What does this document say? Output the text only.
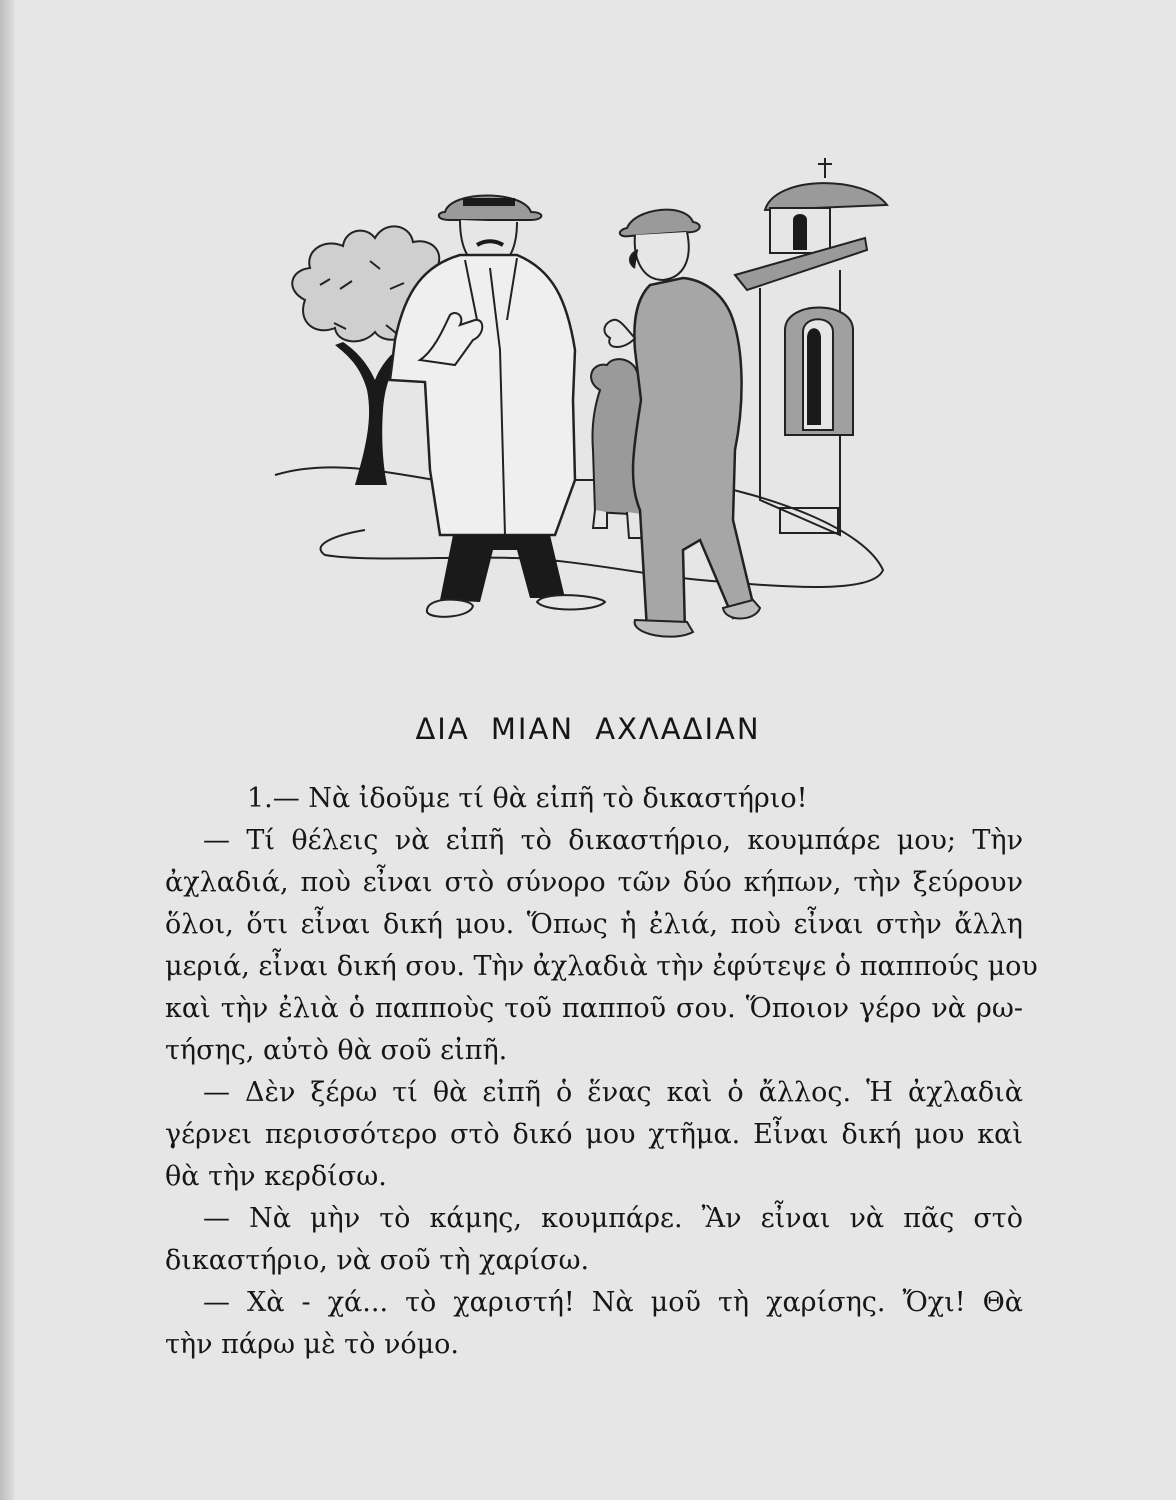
ΔΙΑ ΜΙΑΝ ΑΧΛΑΔΙΑΝ
1.— Νὰ ἰδοῦμε τί θὰ εἰπῆ τὸ δικαστήριο!
— Τί θέλεις νὰ εἰπῆ τὸ δικαστήριο, κουμπάρε μου; Τὴν
ἀχλαδιά, ποὺ εἶναι στὸ σύνορο τῶν δύο κήπων, τὴν ξεύρουν
ὅλοι, ὅτι εἶναι δική μου. Ὅπως ἡ ἐλιά, ποὺ εἶναι στὴν ἄλλη
μεριά, εἶναι δική σου. Τὴν ἀχλαδιὰ τὴν ἐφύτεψε ὁ παππούς μου
καὶ τὴν ἐλιὰ ὁ παπποὺς τοῦ παπποῦ σου. Ὅποιον γέρο νὰ ρω-
τήσης, αὐτὸ θὰ σοῦ εἰπῆ.
— Δὲν ξέρω τί θὰ εἰπῆ ὁ ἕνας καὶ ὁ ἄλλος. Ἡ ἀχλαδιὰ
γέρνει περισσότερο στὸ δικό μου χτῆμα. Εἶναι δική μου καὶ
θὰ τὴν κερδίσω.
— Νὰ μὴν τὸ κάμης, κουμπάρε. Ἂν εἶναι νὰ πᾶς στὸ
δικαστήριο, νὰ σοῦ τὴ χαρίσω.
— Χὰ - χά... τὸ χαριστή! Νὰ μοῦ τὴ χαρίσης. Ὄχι! Θὰ
τὴν πάρω μὲ τὸ νόμο.
